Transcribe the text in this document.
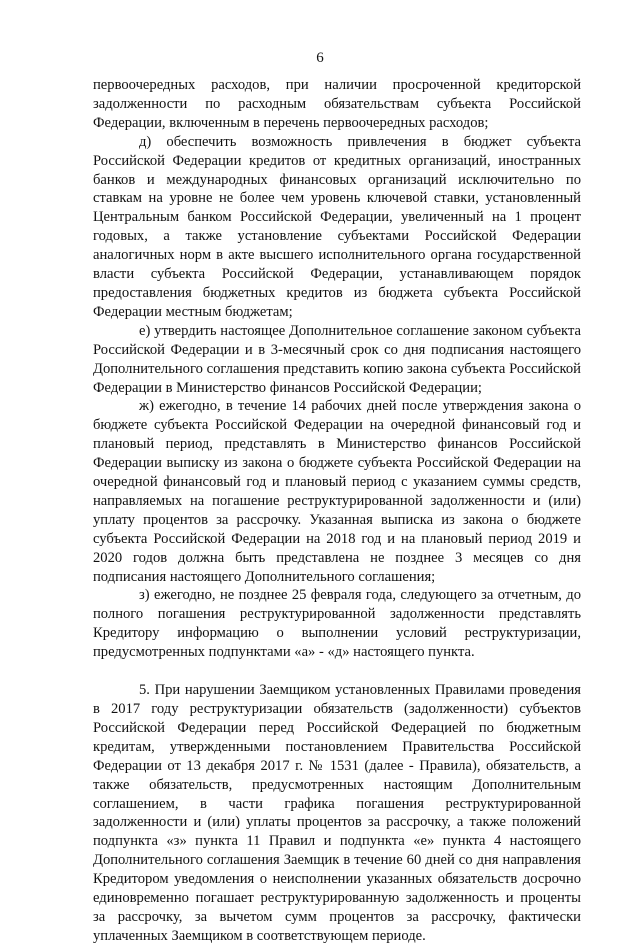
6

первоочередных расходов, при наличии просроченной кредиторской задолженности по расходным обязательствам субъекта Российской Федерации, включенным в перечень первоочередных расходов;

д) обеспечить возможность привлечения в бюджет субъекта Российской Федерации кредитов от кредитных организаций, иностранных банков и международных финансовых организаций исключительно по ставкам на уровне не более чем уровень ключевой ставки, установленный Центральным банком Российской Федерации, увеличенный на 1 процент годовых, а также установление субъектами Российской Федерации аналогичных норм в акте высшего исполнительного органа государственной власти субъекта Российской Федерации, устанавливающем порядок предоставления бюджетных кредитов из бюджета субъекта Российской Федерации местным бюджетам;

е) утвердить настоящее Дополнительное соглашение законом субъекта Российской Федерации и в 3-месячный срок со дня подписания настоящего Дополнительного соглашения представить копию закона субъекта Российской Федерации в Министерство финансов Российской Федерации;

ж) ежегодно, в течение 14 рабочих дней после утверждения закона о бюджете субъекта Российской Федерации на очередной финансовый год и плановый период, представлять в Министерство финансов Российской Федерации выписку из закона о бюджете субъекта Российской Федерации на очередной финансовый год и плановый период с указанием суммы средств, направляемых на погашение реструктурированной задолженности и (или) уплату процентов за рассрочку. Указанная выписка из закона о бюджете субъекта Российской Федерации на 2018 год и на плановый период 2019 и 2020 годов должна быть представлена не позднее 3 месяцев со дня подписания настоящего Дополнительного соглашения;

з) ежегодно, не позднее 25 февраля года, следующего за отчетным, до полного погашения реструктурированной задолженности представлять Кредитору информацию о выполнении условий реструктуризации, предусмотренных подпунктами «а» - «д» настоящего пункта.

5. При нарушении Заемщиком установленных Правилами проведения в 2017 году реструктуризации обязательств (задолженности) субъектов Российской Федерации перед Российской Федерацией по бюджетным кредитам, утвержденными постановлением Правительства Российской Федерации от 13 декабря 2017 г. № 1531 (далее - Правила), обязательств, а также обязательств, предусмотренных настоящим Дополнительным соглашением, в части графика погашения реструктурированной задолженности и (или) уплаты процентов за рассрочку, а также положений подпункта «з» пункта 11 Правил и подпункта «е» пункта 4 настоящего Дополнительного соглашения Заемщик в течение 60 дней со дня направления Кредитором уведомления о неисполнении указанных обязательств досрочно единовременно погашает реструктурированную задолженность и проценты за рассрочку, за вычетом сумм процентов за рассрочку, фактически уплаченных Заемщиком в соответствующем периоде.
